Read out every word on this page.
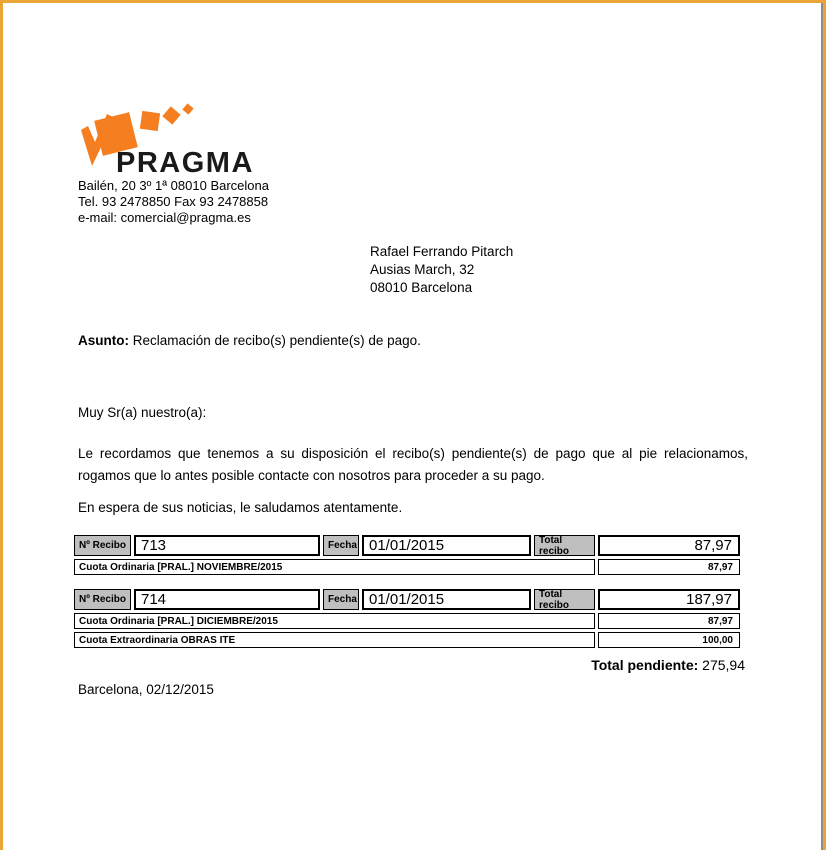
PRAGMA
Bailén, 20 3º 1ª 08010 Barcelona
Tel. 93 2478850 Fax 93 2478858
e-mail: comercial@pragma.es
Rafael Ferrando Pitarch
Ausias March, 32
08010 Barcelona
Asunto: Reclamación de recibo(s) pendiente(s) de pago.
Muy Sr(a) nuestro(a):
Le recordamos que tenemos a su disposición el recibo(s) pendiente(s) de pago que al pie relacionamos, rogamos que lo antes posible contacte con nosotros para proceder a su pago.
En espera de sus noticias, le saludamos atentamente.
Nº Recibo	713	Fecha 01/01/2015	Total recibo	87,97
Cuota Ordinaria [PRAL.] NOVIEMBRE/2015	87,97
Nº Recibo	714	Fecha 01/01/2015	Total recibo	187,97
Cuota Ordinaria [PRAL.] DICIEMBRE/2015	87,97
Cuota Extraordinaria OBRAS ITE	100,00
Total pendiente: 275,94
Barcelona, 02/12/2015
